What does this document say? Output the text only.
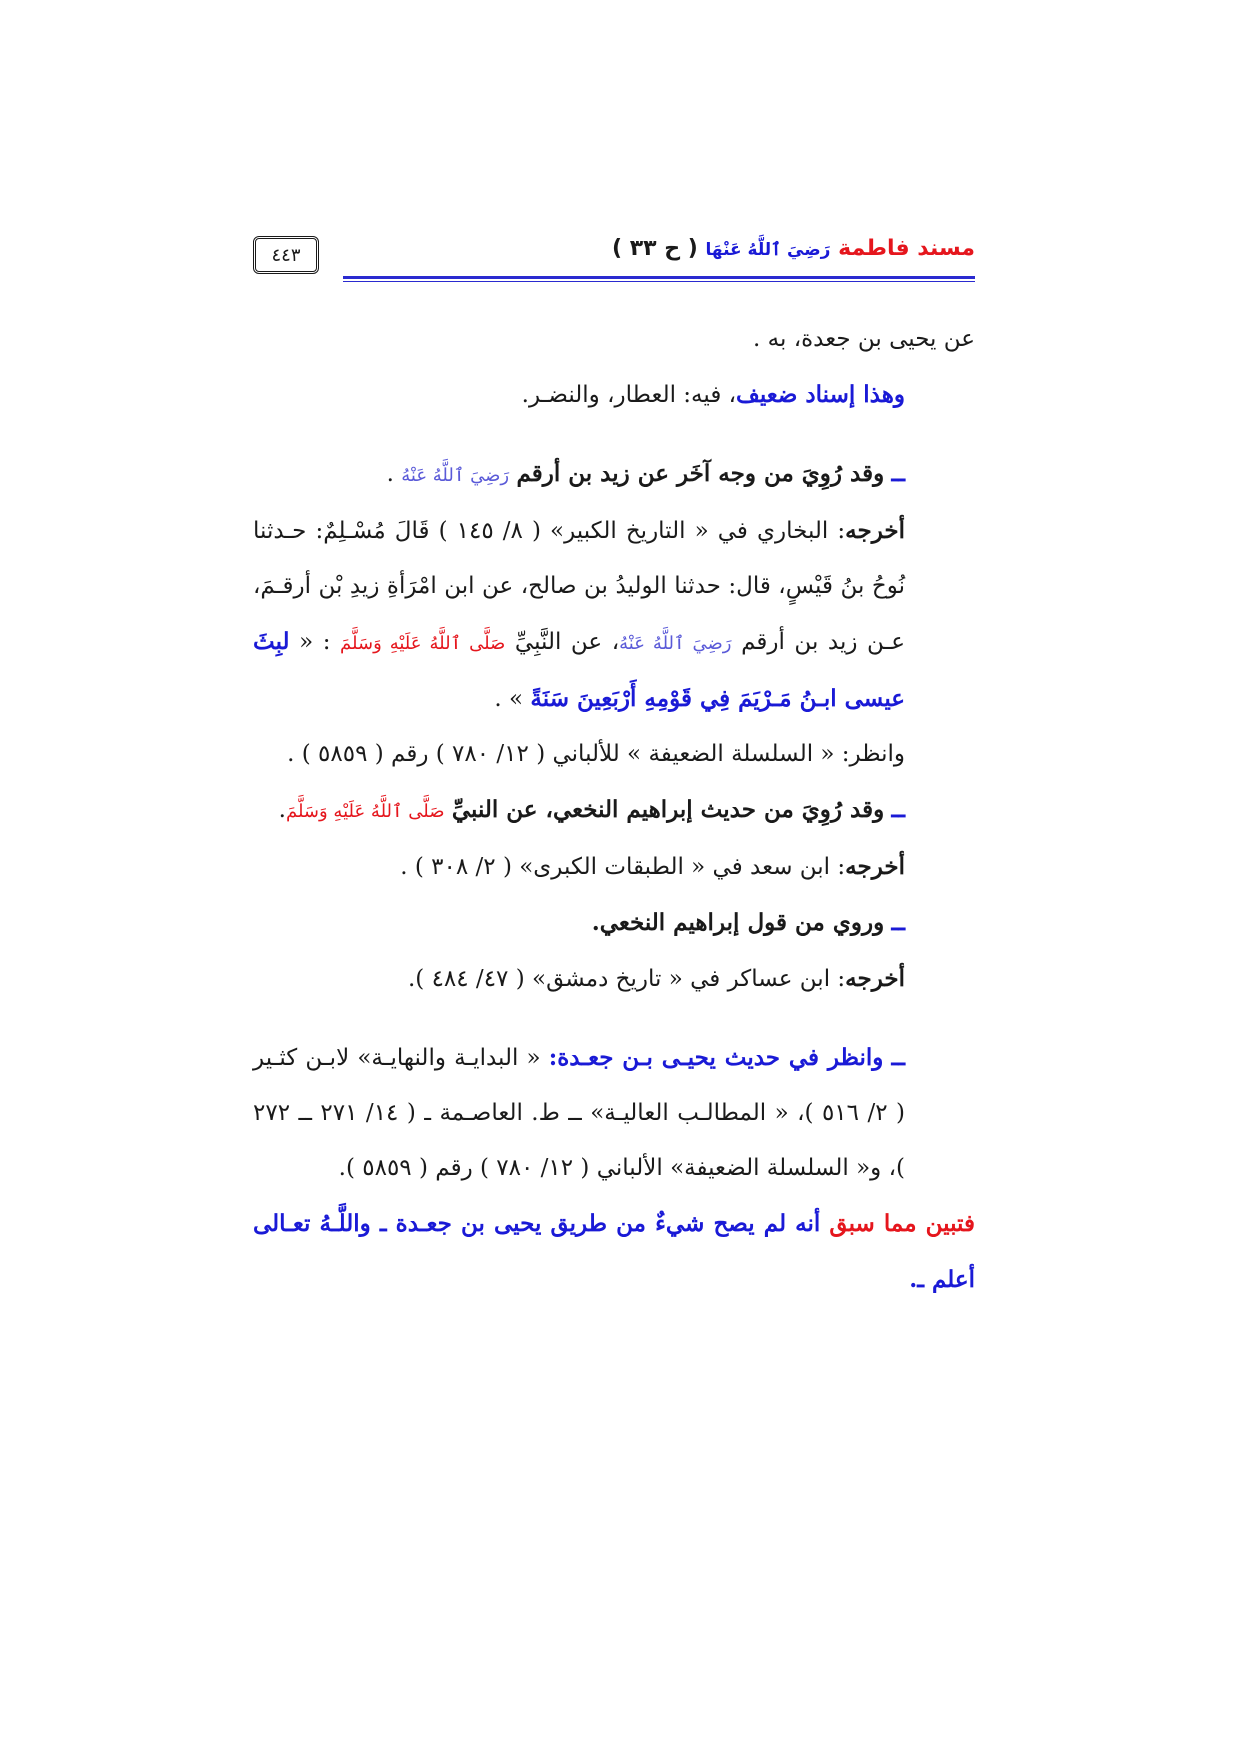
٤٤٣	مسند فاطمة رَضِيَ ٱللَّهُ عَنْهَا ( ح ٣٣ )

عن يحيى بن جعدة، به .

وهذا إسناد ضعيف، فيه: العطار، والنضـر.

ــ وقد رُوِيَ من وجه آخَر عن زيد بن أرقم رَضِيَ ٱللَّهُ عَنْهُ .

أخرجه: البخاري في « التاريخ الكبير» ( ٨/ ١٤٥ ) قَالَ مُسْـلِمٌ: حـدثنا نُوحُ بنُ قَيْسٍ، قال: حدثنا الوليدُ بن صالح، عن ابن امْرَأةِ زيدِ بْن أرقـمَ، عـن زيد بن أرقم رَضِيَ ٱللَّهُ عَنْهُ، عن النَّبِيِّ صَلَّى ٱللَّهُ عَلَيْهِ وَسَلَّمَ : « لبِثَ عيسى ابـنُ مَـرْيَمَ فِي قَوْمِهِ أَرْبَعِينَ سَنَةً » .

وانظر: « السلسلة الضعيفة » للألباني ( ١٢/ ٧٨٠ ) رقم ( ٥٨٥٩ ) .

ــ وقد رُوِيَ من حديث إبراهيم النخعي، عن النبيِّ صَلَّى ٱللَّهُ عَلَيْهِ وَسَلَّمَ.

أخرجه: ابن سعد في « الطبقات الكبرى» ( ٢/ ٣٠٨ ) .

ــ وروي من قول إبراهيم النخعي.

أخرجه: ابن عساكر في « تاريخ دمشق» ( ٤٧/ ٤٨٤ ).

ــ وانظر في حديث يحيـى بـن جعـدة: « البدايـة والنهايـة» لابـن كثـير ( ٢/ ٥١٦ )، « المطالـب العاليـة» ــ ط. العاصـمة ـ ( ١٤/ ٢٧١ ــ ٢٧٢ )، و« السلسلة الضعيفة» الألباني ( ١٢/ ٧٨٠ ) رقم ( ٥٨٥٩ ).

فتبين مما سبق أنه لم يصح شيءٌ من طريق يحيى بن جعـدة ـ واللَّـهُ تعـالى أعلم ـ.
